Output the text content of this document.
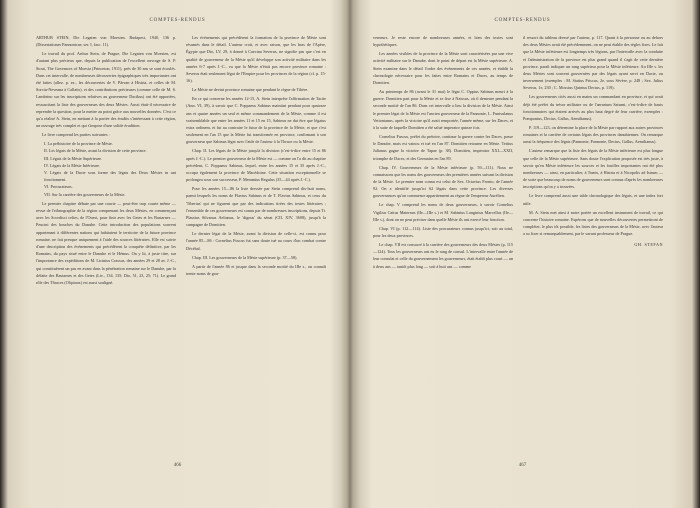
COMPTES-RENDUS

ARTHUR STEIN, Die Legaten von Moesien. Budapest, 1940, 136 p. (Dissertationes Pannonicae, ser. I, fasc. 11).

Le travail du prof. Arthur Stein, de Prague, Die Legaten von Moesien, est d'autant plus précieux que, depuis la publication de l'excellent ouvrage de S. P. Stout, The Governors of Moesia (Princeton, 1911), près de 30 ans se sont écoulés. Dans cet intervalle, de nombreuses découvertes épigraphiques très importantes ont été faites (allez. p. ex., les découvertes de V. Pârvan à Histria, et celles de M. Sorciu-Neveana à Callatis), et des contributions précieuses (comme celle de M. S. Lambrino sur les inscriptions relatives au gouverneur Dacikus) ont été apportées, ressuscitant la liste des gouverneurs des deux Mésies. Aussi était-il nécessaire de reprendre la question, pour la mettre au point grâce aux nouvelles données. C'est ce qu'a réalisé A. Stein, en mettant à la portée des érudits s'intéressant à cette région, un ouvrage très complet et qui s'impose d'une solide érudition.

Le livre comprend les parties suivantes :

I. La préhistoire de la province de Mésie.
II. Les légats de la Mésie, avant la division de cette province.
III. Légats de la Mésie Supérieure.
IV. Légats de la Mésie Inférieure.
V. Légats de la Dacie sous forme des légats des Deux Mésies in uni fonctionnent.
VI. Procurateurs.
VII. Sur la carrière des gouverneurs de la Mésie.

Le premier chapitre débute par une courte — peut-être trop courte même — revue de l'ethnographie de la région comprenant les deux Mésies, en commençant avec les Scordisci celtes, de l'Ouest, pour finir avec les Getes et les Bastarnes — Peucini des bouches du Danube. Cette introduction des populations souvent appartenant à différentes nations qui habitaient le territoire de la future province romaine, ne fait presque uniquement à l'aide des sources littéraires. Elle est suivie d'une description des événements qui précédèrent la conquête définitive, par les Romains, du pays situé entre le Danube et le Hémus. On y lit, à juste titre, sur l'importance des expéditions de M. Licinius Crassus, des années 29 et 28 av. J.-C., qui constituèrent un pas en avant dans la pénétration romaine sur le Danube, par la défaite des Bastarnes et des Getes (Liv., 134, 135; Dio, 51, 23, 25; 71). Le grand rôle des Thraces (Oδρύσαι) est aussi souligné.

Les événements qui précédèrent la formation de la province de Mésie sont résumés dans le détail. L'auteur croit, et avec raison, que les bras de l'Apère, Égypte que Dio, LV, 29, à donné à Caecina Severus, ne signifie pas que c'est en qualité de gouverneur de la Mésie qu'il développe son activité militaire dans les années 6-7 après J.-C., vu que la Mésie n'était pas encore province romaine : Severus était seulement légat de l'Empire pour les provinces de la région (cf. p. 15-16).

La Mésie ne devint province romaine que pendant le règne de Tibère.

En ce qui concerne les années 12-15, A. Stein interprète l'affirmation de Tacite (Ann. VI, 39), à savoir que C. Poppaeus Sabinus maintint pendant pour quatorze ans et quatre années un seul et même commandement de la Mésie, comme il est vraisemblable que entre les années 11 et 15 en 15, Sabinus ne dut être que légatus extra ordinem, et fut au contraire le futur de la province de la Mésie, et que c'est seulement en l'an 15 que la Mésie fut transformée en province, confirmant à son gouverneur que Sabinus légat avec l'aide de l'auteur à la Thrace ou la Mésie.

Chap. II. Les légats de la Mésie jusqu'à la division (c'est-à-dire entre 15 et 86 après J.-C.). Le premier gouverneur de la Mésie est — comme on l'a dit au chapitre précédent, C. Poppaeus Sabinus, lequel, entre les années 15 et 35 après J.-C., occupa également la province de Macédoine. Cette situation exceptionnelle se prolongea sous son successeur, P. Memmius Regulus (35—44 après J.-C.).

Pour les années 15—86 la liste dressée par Stein comprend dix-huit noms, parmi lesquels les noms de Flavius Sabinus et de T. Flavius Sabinus, et ceux du 'Tiberius' qui ne figurent que par des indications tirées des textes littéraires ; l'ensemble de ces gouverneurs est connu par de nombreuses inscriptions, depuis Ti. Plautius Silvanus Aelianus, le 'dignus' du sénat (CIL XIV, 3608), jusqu'à la campagne de Domitien.

Le dernier légat de la Mésie, avant la division de celle-ci, est connu pour l'année 85—86 : Cornelius Fuscus fut sans doute tué au cours d'un combat contre Décébal.

Chap. III. Les gouverneurs de la Mésie supérieure (p. 37—58).

A partir de l'année 86 et jusque dans la seconde moitié du IIIe s., on connaît trente noms de gou-

466
COMPTES-RENDUS

verneurs. Je reste encore de nombreuses années, et bien des textes sont hypothétiques.

Les années visibles de la province de la Mésie sont caractérisées par une vive activité militaire sur le Danube, dont le point de départ est la Mésie supérieure. A. Stein examine dans le détail l'ordre des événements de ces années, et établit la chronologie nécessaire pour les faites entre Romains et Daces, au temps de Domitien.

Au printemps de 86 (avant le 31 mai) le légat C. Oppius Sabinus meurt à la guerre. Domitien part pour la Mésie et se fixe à Naissus, où il demeure pendant la seconde moitié de l'an 86. Dans cet intervalle a lieu la division de la Mésie. Ainsi le premier légat de la Mésie est l'ancien gouverneur de la Pannonie, L. Funisulanus Vettonianus, après la victoire qu'il avait remportée, l'année même, sur les Daces, et à la suite de laquelle Domitien a été salué imperator quinze fois.

Cornelius Fuscus, préfet du prétoire, continue la guerre contre les Daces, passe le Danube, mais est vaincu et tué en l'an 87. Domitien retourne en Mésie. Tettius Julianus gagne la victoire de Tapae (p. 38). Domitien, imperator XXI—XXII, triomphe de Daces, et des Germains en l'an 89.

Chap. IV. Gouverneurs de la Mésie inférieure (p. 59—111). Nous ne connaissons que les noms des gouverneurs des premières années suivant la division de la Mésie. Le premier nom connu est celui de Sex. Octavius Fronto, de l'année 92. On a identifié jusqu'ici 62 légats dans cette province. Les diverses gouvernances qu'on commence appartiennent au règne de l'empereur Aurélien.

Le chap. V comprend les noms de deux gouverneurs, à savoir Cornelius Vigilius Cattus Maternus (IIe—IIIe s.) et M. Sabinius Longinius Marcellus (IIe—IIIe s.), dont on ne peut préciser dans quelle Mésie ils ont exercé leur fonction.

Chap. VI (p. 112—114). Liste des procurateurs connus jusqu'ici, soit au total, pour les deux provinces.

Le chap. VII est consacré à la carrière des gouverneurs des deux Mésies (p. 115—124). Tous les gouverneurs ont eu le rang de consul. L'intervalle entre l'année de leur consulat et celle du gouvernement les gouverneurs, était établi plus court — un à deux ans — tantôt plus long — soit à huit ans — comme

il ressort du tableau dressé par l'auteur, p. 117. Quant à la personne ou au dehors des deux Mésies avait été précédemment, on ne peut établir des règles fixes. Le fait que la Mésie inférieure est longtemps très légions, par l'intervalle avec la conduite et l'administration de la province est plus grand quand il s'agit de cette dernière province, paraît indiquer un rang supérieur pour la Mésie inférieure. Au IIIe s. les deux Mésies sont souvent gouvernées par des légats ayant servi en Dacie, ou inversement (exemples : M. Statius Priscus, 2e, sous Sévère, p. 248 ; Sex. Julius Severus, 1e, 230 ; C. Mossius Quintus Decius, p. 119).

Les gouverneurs cités aussi en mains un commandant en province, et qui avait déjà été préfet du trésor militaire ou de l'aerarium Saturni, c'est-à-dire de hauts fonctionnaires qui étaient arrivés au plus haut degré de leur carrière, exemples : Pomponius, Decius, Gallus, Aemilianus).

P. 119—123, on détermine la place de la Mésie par rapport aux autres provinces romaines et la carrière de certains légats des provinces danubiennes. On remarque aussi la fréquence des légats (Pannonie, Pannonie, Decius, Gallus, Aemilianus).

L'auteur remarque que la liste des légats de la Mésie inférieure est plus longue que celle de la Mésie supérieure. Sans doute l'explication proposée est très juste, à savoir qu'en Mésie inférieure les sources et les fouilles importantes ont été plus nombreuses — ainsi, en particulier, à Tomis, à Histria et à Nicopolis ad Istrum — de sorte que beaucoup de noms de gouverneurs sont connus d'après les nombreuses inscriptions qu'on y a trouvées.

Le livre comprend aussi une table chronologique des légats, et une index fort utile.

M. A. Stein met ainsi à notre portée un excellent instrument de travail, ce qui concerne l'histoire romaine. Espérons que de nouvelles découvertes permettront de compléter, le plus tôt possible, les listes des gouverneurs de la Mésie, avec l'auteur a su fixer si remarquablement, par le savant professeur de Prague.

GH. STEFAN

467
